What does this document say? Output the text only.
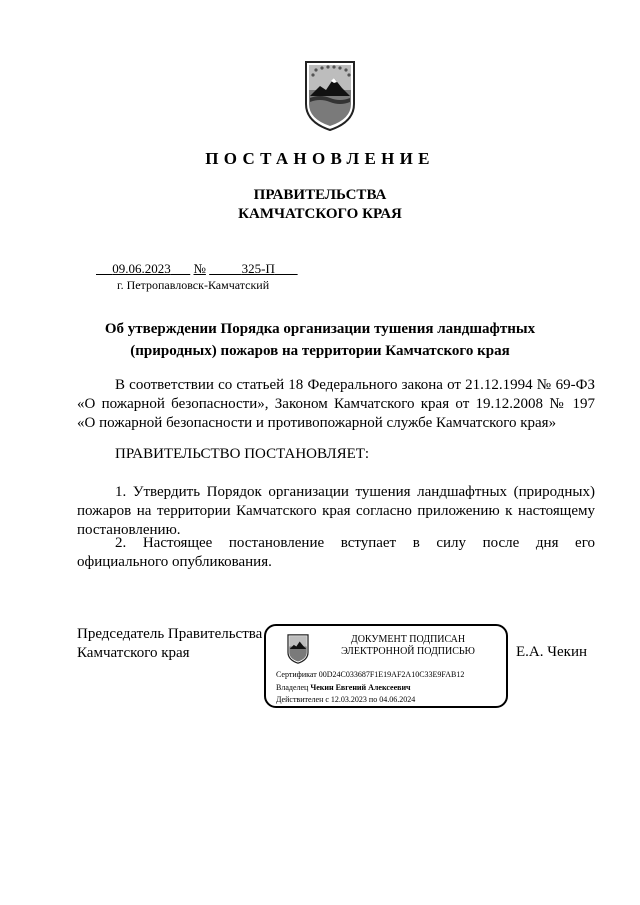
ПОСТАНОВЛЕНИЕ
ПРАВИТЕЛЬСТВА
КАМЧАТСКОГО КРАЯ
09.06.2023 №	325-П
г. Петропавловск-Камчатский
Об утверждении Порядка организации тушения ландшафтных
(природных) пожаров на территории Камчатского края
В соответствии со статьей 18 Федерального закона от 21.12.1994 № 69-ФЗ
«О пожарной безопасности», Законом Камчатского края от 19.12.2008 № 197
«О пожарной безопасности и противопожарной службе Камчатского края»
ПРАВИТЕЛЬСТВО ПОСТАНОВЛЯЕТ:
1. Утвердить Порядок организации тушения ландшафтных (природных)
пожаров на территории Камчатского края согласно приложению к настоящему
постановлению.
2. Настоящее постановление вступает в силу после дня его
официального опубликования.
Председатель Правительства
Камчатского края	Е.А. Чекин
ДОКУМЕНТ ПОДПИСАН
ЭЛЕКТРОННОЙ ПОДПИСЬЮ
Сертификат 00D24C033687F1E19AF2A10C33E9FAB12
Владелец Чекин Евгений Алексеевич
Действителен с 12.03.2023 по 04.06.2024
